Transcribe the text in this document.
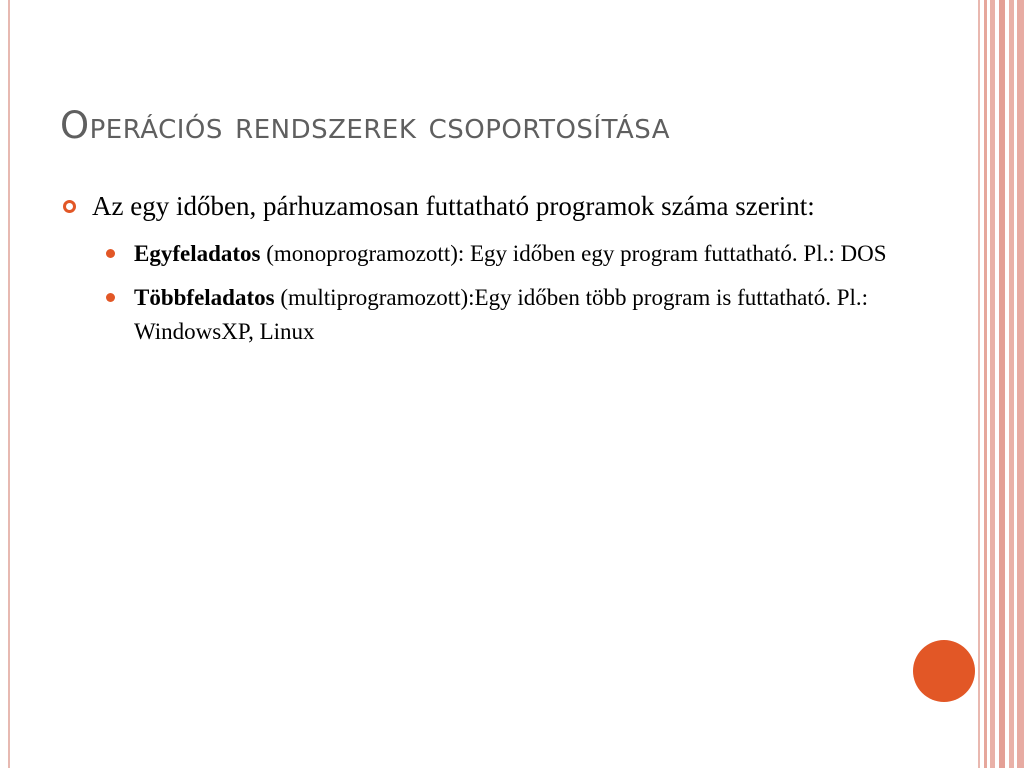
Operációs rendszerek csoportosítása
Az egy időben, párhuzamosan futtatható programok száma szerint:
Egyfeladatos (monoprogramozott): Egy időben egy program futtatható. Pl.: DOS
Többfeladatos (multiprogramozott):Egy időben több program is futtatható. Pl.: WindowsXP, Linux
